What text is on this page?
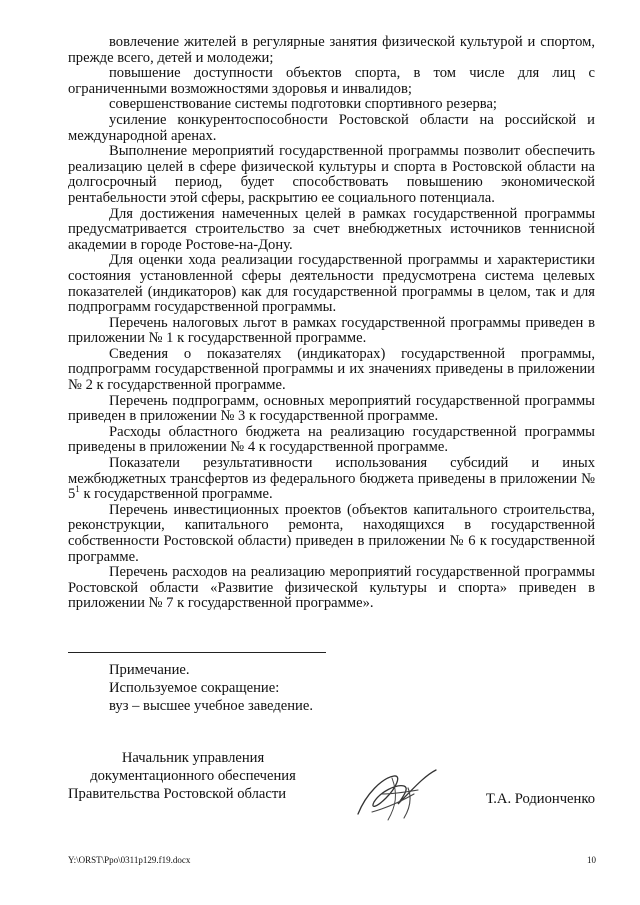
вовлечение жителей в регулярные занятия физической культурой и спортом, прежде всего, детей и молодежи;

повышение доступности объектов спорта, в том числе для лиц с ограниченными возможностями здоровья и инвалидов;

совершенствование системы подготовки спортивного резерва;

усиление конкурентоспособности Ростовской области на российской и международной аренах.

Выполнение мероприятий государственной программы позволит обеспечить реализацию целей в сфере физической культуры и спорта в Ростовской области на долгосрочный период, будет способствовать повышению экономической рентабельности этой сферы, раскрытию ее социального потенциала.

Для достижения намеченных целей в рамках государственной программы предусматривается строительство за счет внебюджетных источников теннисной академии в городе Ростове-на-Дону.

Для оценки хода реализации государственной программы и характеристики состояния установленной сферы деятельности предусмотрена система целевых показателей (индикаторов) как для государственной программы в целом, так и для подпрограмм государственной программы.

Перечень налоговых льгот в рамках государственной программы приведен в приложении № 1 к государственной программе.

Сведения о показателях (индикаторах) государственной программы, подпрограмм государственной программы и их значениях приведены в приложении № 2 к государственной программе.

Перечень подпрограмм, основных мероприятий государственной программы приведен в приложении № 3 к государственной программе.

Расходы областного бюджета на реализацию государственной программы приведены в приложении № 4 к государственной программе.

Показатели результативности использования субсидий и иных межбюджетных трансфертов из федерального бюджета приведены в приложении № $5^1$ к государственной программе.

Перечень инвестиционных проектов (объектов капитального строительства, реконструкции, капитального ремонта, находящихся в государственной собственности Ростовской области) приведен в приложении № 6 к государственной программе.

Перечень расходов на реализацию мероприятий государственной программы Ростовской области «Развитие физической культуры и спорта» приведен в приложении № 7 к государственной программе».

Примечание.
Используемое сокращение:
вуз – высшее учебное заведение.
Начальник управления
документационного обеспечения
Правительства Ростовской области	Т.А. Родионченко
Y:\ORST\Ppo\0311p129.f19.docx	10
